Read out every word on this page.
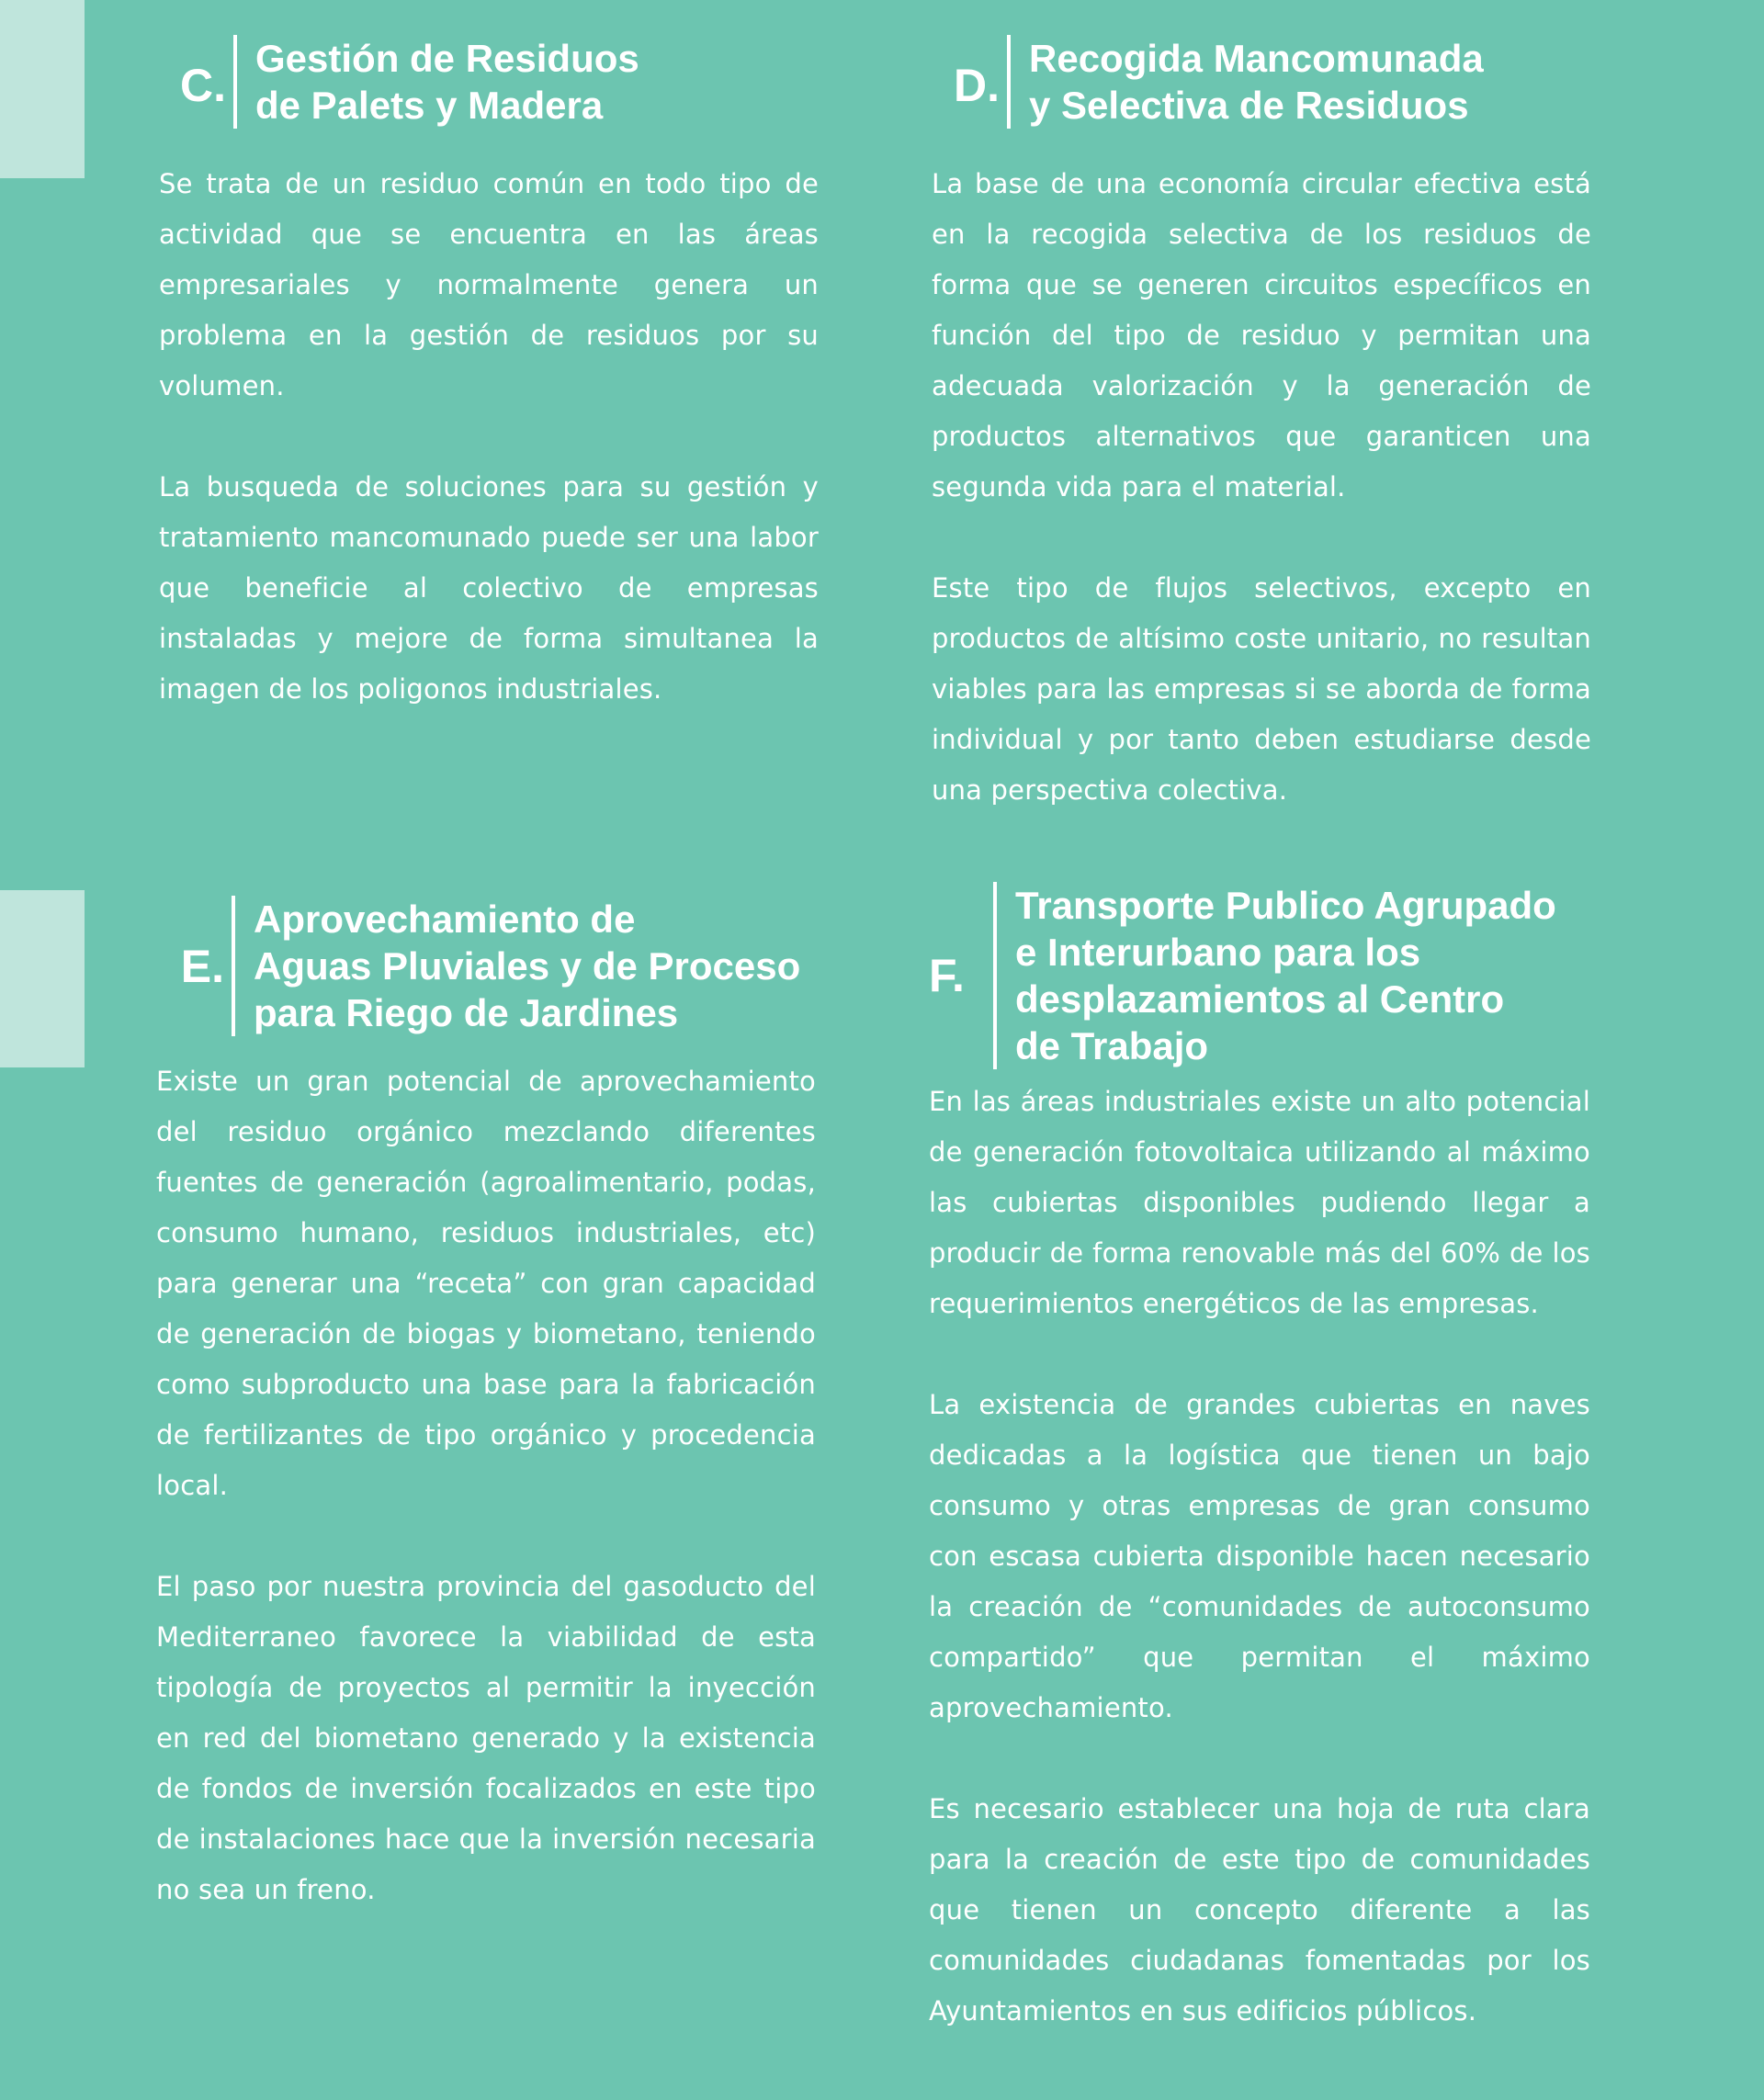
C.
Gestión de Residuos
de Palets y Madera

Se trata de un residuo común en todo tipo de actividad que se encuentra en las áreas empresariales y normalmente genera un problema en la gestión de residuos por su volumen.

La busqueda de soluciones para su gestión y tratamiento mancomunado puede ser una labor que beneficie al colectivo de empresas instaladas y mejore de forma simultanea la imagen de los poligonos industriales.

D.
Recogida Mancomunada
y Selectiva de Residuos

La base de una economía circular efectiva está en la recogida selectiva de los residuos de forma que se generen circuitos específicos en función del tipo de residuo y permitan una adecuada valorización y la generación de productos alternativos que garanticen una segunda vida para el material.

Este tipo de flujos selectivos, excepto en productos de altísimo coste unitario, no resultan viables para las empresas si se aborda de forma individual y por tanto deben estudiarse desde una perspectiva colectiva.

E.
Aprovechamiento de
Aguas Pluviales y de Proceso
para Riego de Jardines

Existe un gran potencial de aprovechamiento del residuo orgánico mezclando diferentes fuentes de generación (agroalimentario, podas, consumo humano, residuos industriales, etc) para generar una “receta” con gran capacidad de generación de biogas y biometano, teniendo como subproducto una base para la fabricación de fertilizantes de tipo orgánico y procedencia local.

El paso por nuestra provincia del gasoducto del Mediterraneo favorece la viabilidad de esta tipología de proyectos al permitir la inyección en red del biometano generado y la existencia de fondos de inversión focalizados en este tipo de instalaciones hace que la inversión necesaria no sea un freno.

F.
Transporte Publico Agrupado
e Interurbano para los
desplazamientos al Centro
de Trabajo

En las áreas industriales existe un alto potencial de generación fotovoltaica utilizando al máximo las cubiertas disponibles pudiendo llegar a producir de forma renovable más del 60% de los requerimientos energéticos de las empresas.

La existencia de grandes cubiertas en naves dedicadas a la logística que tienen un bajo consumo y otras empresas de gran consumo con escasa cubierta disponible hacen necesario la creación de “comunidades de autoconsumo compartido” que permitan el máximo aprovechamiento.

Es necesario establecer una hoja de ruta clara para la creación de este tipo de comunidades que tienen un concepto diferente a las comunidades ciudadanas fomentadas por los Ayuntamientos en sus edificios públicos.
